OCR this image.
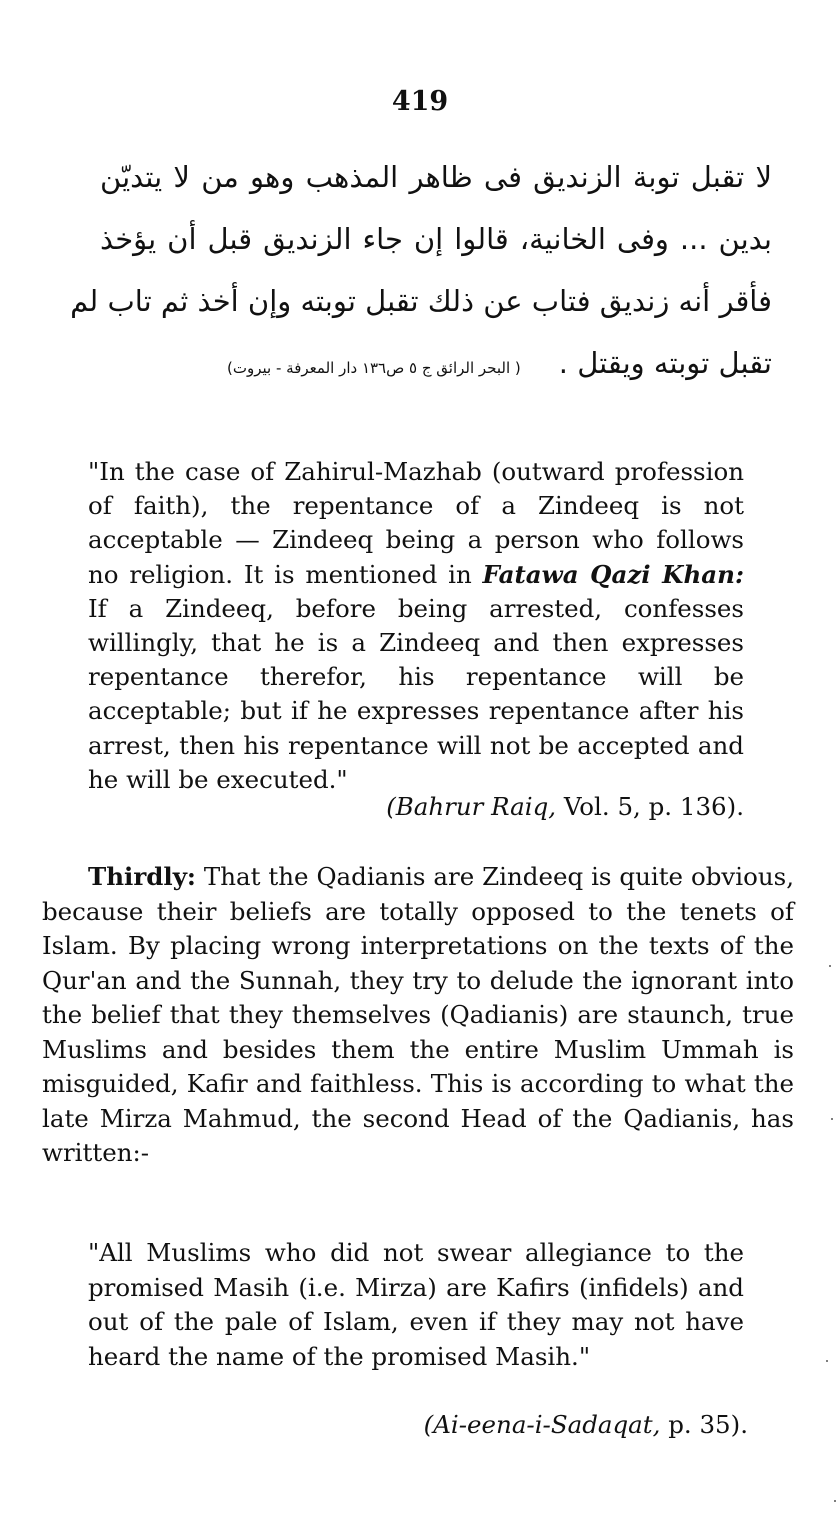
419
لا تقبل توبة الزنديق فى ظاهر المذهب وهو من لا يتديّن
بدين ... وفى الخانية، قالوا إن جاء الزنديق قبل أن يؤخذ
فأقر أنه زنديق فتاب عن ذلك تقبل توبته وإن أخذ ثم تاب لم
تقبل توبته ويقتل .( البحر الرائق ج ٥ ص١٣٦ دار المعرفة - بيروت)

"In the case of Zahirul-Mazhab (outward profession of faith), the repentance of a Zindeeq is not acceptable — Zindeeq being a person who follows no religion. It is mentioned in Fatawa Qazi Khan: If a Zindeeq, before being arrested, confesses willingly, that he is a Zindeeq and then expresses repentance therefor, his repentance will be acceptable; but if he expresses repentance after his arrest, then his repentance will not be accepted and he will be executed."

(Bahrur Raiq, Vol. 5, p. 136).

Thirdly: That the Qadianis are Zindeeq is quite obvious, because their beliefs are totally opposed to the tenets of Islam. By placing wrong interpretations on the texts of the Qur'an and the Sunnah, they try to delude the ignorant into the belief that they themselves (Qadianis) are staunch, true Muslims and besides them the entire Muslim Ummah is misguided, Kafir and faithless. This is according to what the late Mirza Mahmud, the second Head of the Qadianis, has written:-

"All Muslims who did not swear allegiance to the promised Masih (i.e. Mirza) are Kafirs (infidels) and out of the pale of Islam, even if they may not have heard the name of the promised Masih."

(Ai-eena-i-Sadaqat, p. 35).
